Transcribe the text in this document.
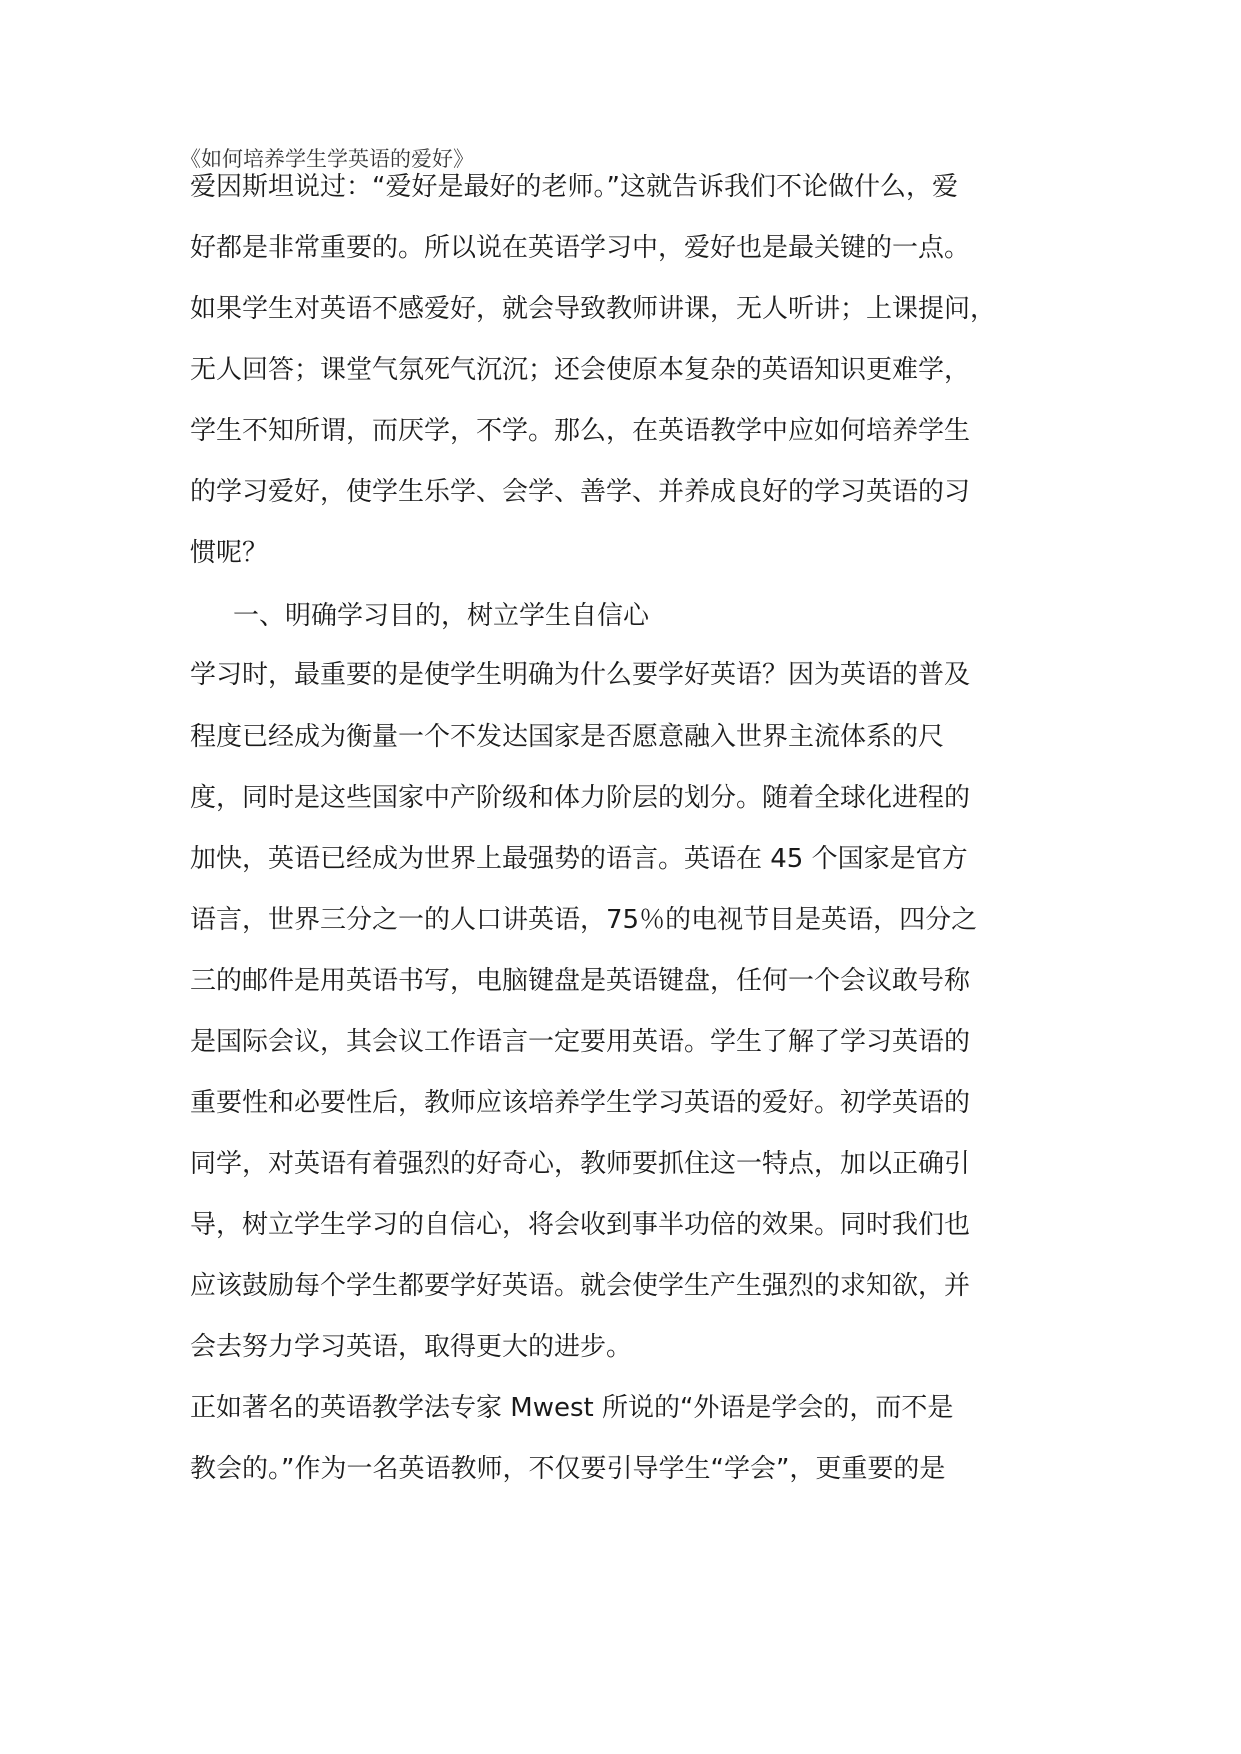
《如何培养学生学英语的爱好》

爱因斯坦说过：“爱好是最好的老师。”这就告诉我们不论做什么，爱

好都是非常重要的。所以说在英语学习中，爱好也是最关键的一点。

如果学生对英语不感爱好，就会导致教师讲课，无人听讲；上课提问，

无人回答；课堂气氛死气沉沉；还会使原本复杂的英语知识更难学，

学生不知所谓，而厌学，不学。那么，在英语教学中应如何培养学生

的学习爱好，使学生乐学、会学、善学、并养成良好的学习英语的习

惯呢？

一、明确学习目的，树立学生自信心

学习时，最重要的是使学生明确为什么要学好英语？因为英语的普及

程度已经成为衡量一个不发达国家是否愿意融入世界主流体系的尺

度，同时是这些国家中产阶级和体力阶层的划分。随着全球化进程的

加快，英语已经成为世界上最强势的语言。英语在 45 个国家是官方

语言，世界三分之一的人口讲英语，75％的电视节目是英语，四分之

三的邮件是用英语书写，电脑键盘是英语键盘，任何一个会议敢号称

是国际会议，其会议工作语言一定要用英语。学生了解了学习英语的

重要性和必要性后，教师应该培养学生学习英语的爱好。初学英语的

同学，对英语有着强烈的好奇心，教师要抓住这一特点，加以正确引

导，树立学生学习的自信心，将会收到事半功倍的效果。同时我们也

应该鼓励每个学生都要学好英语。就会使学生产生强烈的求知欲，并

会去努力学习英语，取得更大的进步。

正如著名的英语教学法专家 Mwest 所说的“外语是学会的，而不是

教会的。”作为一名英语教师，不仅要引导学生“学会”，更重要的是
